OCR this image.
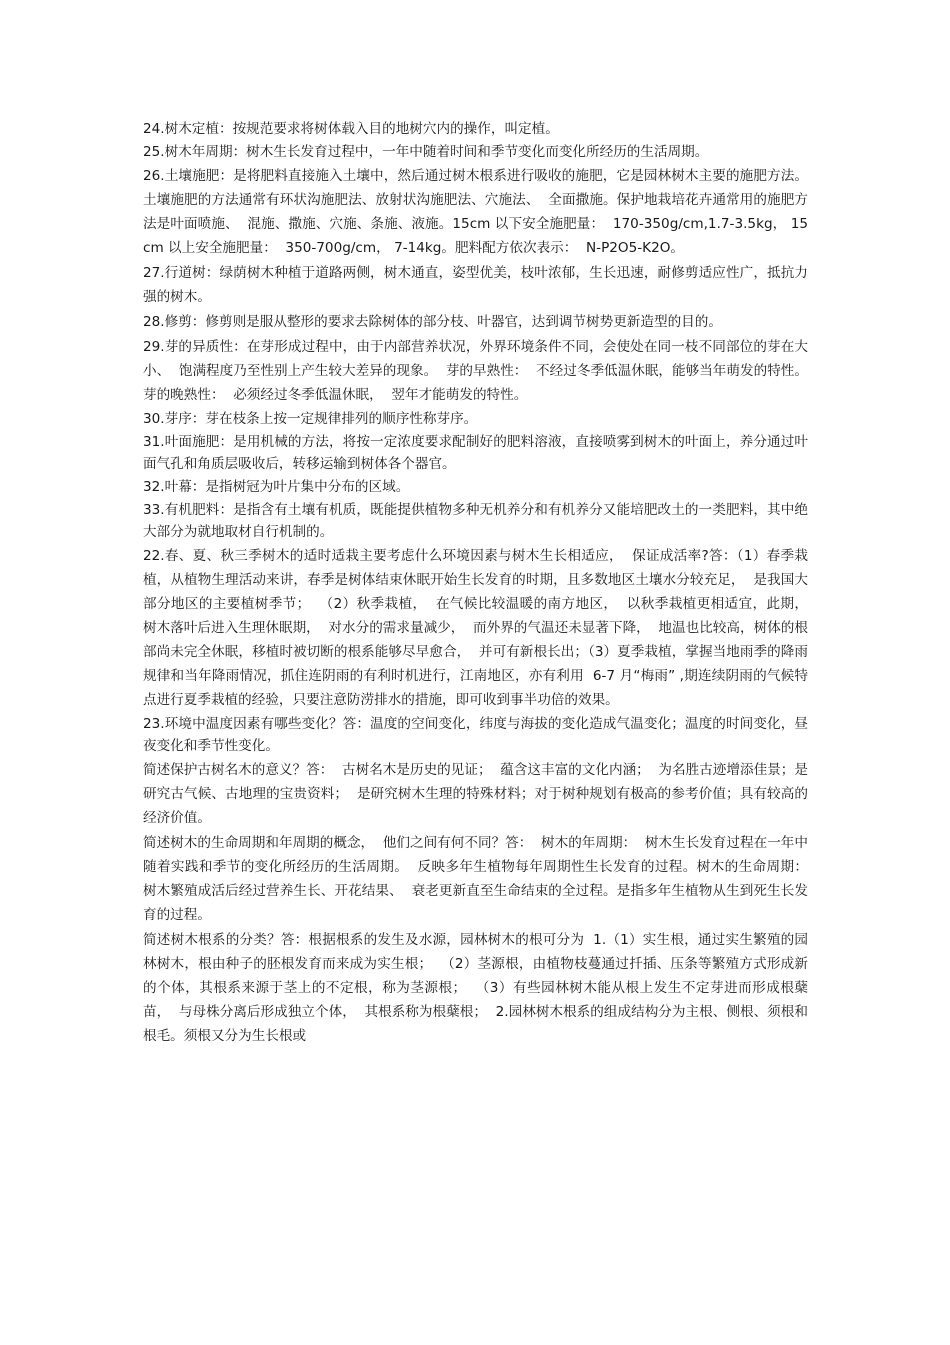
24.树木定植：按规范要求将树体载入目的地树穴内的操作，叫定植。

25.树木年周期：树木生长发育过程中，一年中随着时间和季节变化而变化所经历的生活周期。

26.土壤施肥：是将肥料直接施入土壤中，然后通过树木根系进行吸收的施肥，它是园林树木主要的施肥方法。  土壤施肥的方法通常有环状沟施肥法、放射状沟施肥法、穴施法、  全面撒施。保护地栽培花卉通常用的施肥方法是叶面喷施、  混施、撒施、穴施、条施、液施。15cm 以下安全施肥量：  170-350g/cm,1.7-3.5kg， 15cm 以上安全施肥量：  350-700g/cm， 7-14kg。肥料配方依次表示：  N-P2O5-K2O。

27.行道树：绿荫树木种植于道路两侧，树木通直，姿型优美，枝叶浓郁，生长迅速，耐修剪适应性广，抵抗力强的树木。

28.修剪：修剪则是服从整形的要求去除树体的部分枝、叶器官，达到调节树势更新造型的目的。

29.芽的异质性：在芽形成过程中，由于内部营养状况，外界环境条件不同，会使处在同一枝不同部位的芽在大小、  饱满程度乃至性别上产生较大差异的现象。  芽的早熟性：  不经过冬季低温休眠，能够当年萌发的特性。  芽的晚熟性：  必须经过冬季低温休眠，  翌年才能萌发的特性。

30.芽序：芽在枝条上按一定规律排列的顺序性称芽序。

31.叶面施肥：是用机械的方法，将按一定浓度要求配制好的肥料溶液，直接喷雾到树木的叶面上，养分通过叶面气孔和角质层吸收后，转移运输到树体各个器官。

32.叶幕：是指树冠为叶片集中分布的区域。

33.有机肥料：是指含有土壤有机质，既能提供植物多种无机养分和有机养分又能培肥改土的一类肥料，其中绝大部分为就地取材自行机制的。

22.春、夏、秋三季树木的适时适栽主要考虑什么环境因素与树木生长相适应，  保证成活率?答：（1）春季栽植，从植物生理活动来讲，春季是树体结束休眠开始生长发育的时期，且多数地区土壤水分较充足，  是我国大部分地区的主要植树季节；  （2）秋季栽植，  在气候比较温暖的南方地区，  以秋季栽植更相适宜，此期，  树木落叶后进入生理休眠期，  对水分的需求量减少，  而外界的气温还未显著下降，  地温也比较高，树体的根部尚未完全休眠，移植时被切断的根系能够尽早愈合，  并可有新根长出；（3）夏季栽植，掌握当地雨季的降雨规律和当年降雨情况，抓住连阴雨的有利时机进行，江南地区，亦有利用  6-7 月“梅雨” ,期连续阴雨的气候特点进行夏季栽植的经验，只要注意防涝排水的措施，即可收到事半功倍的效果。

23.环境中温度因素有哪些变化？答：温度的空间变化，纬度与海拔的变化造成气温变化；温度的时间变化，昼夜变化和季节性变化。

简述保护古树名木的意义？答：  古树名木是历史的见证；  蕴含这丰富的文化内涵；  为名胜古迹增添佳景；是研究古气候、古地理的宝贵资料；  是研究树木生理的特殊材料；对于树种规划有极高的参考价值；具有较高的经济价值。

简述树木的生命周期和年周期的概念，  他们之间有何不同？答：  树木的年周期：  树木生长发育过程在一年中随着实践和季节的变化所经历的生活周期。  反映多年生植物每年周期性生长发育的过程。树木的生命周期：  树木繁殖成活后经过营养生长、开花结果、  衰老更新直至生命结束的全过程。是指多年生植物从生到死生长发育的过程。

简述树木根系的分类？答：根据根系的发生及水源，园林树木的根可分为  1.（1）实生根，通过实生繁殖的园林树木，根由种子的胚根发育而来成为实生根；  （2）茎源根，由植物枝蔓通过扦插、压条等繁殖方式形成新的个体，其根系来源于茎上的不定根，称为茎源根；  （3）有些园林树木能从根上发生不定芽进而形成根蘖苗，  与母株分离后形成独立个体，  其根系称为根蘖根；  2.园林树木根系的组成结构分为主根、侧根、须根和根毛。须根又分为生长根或
